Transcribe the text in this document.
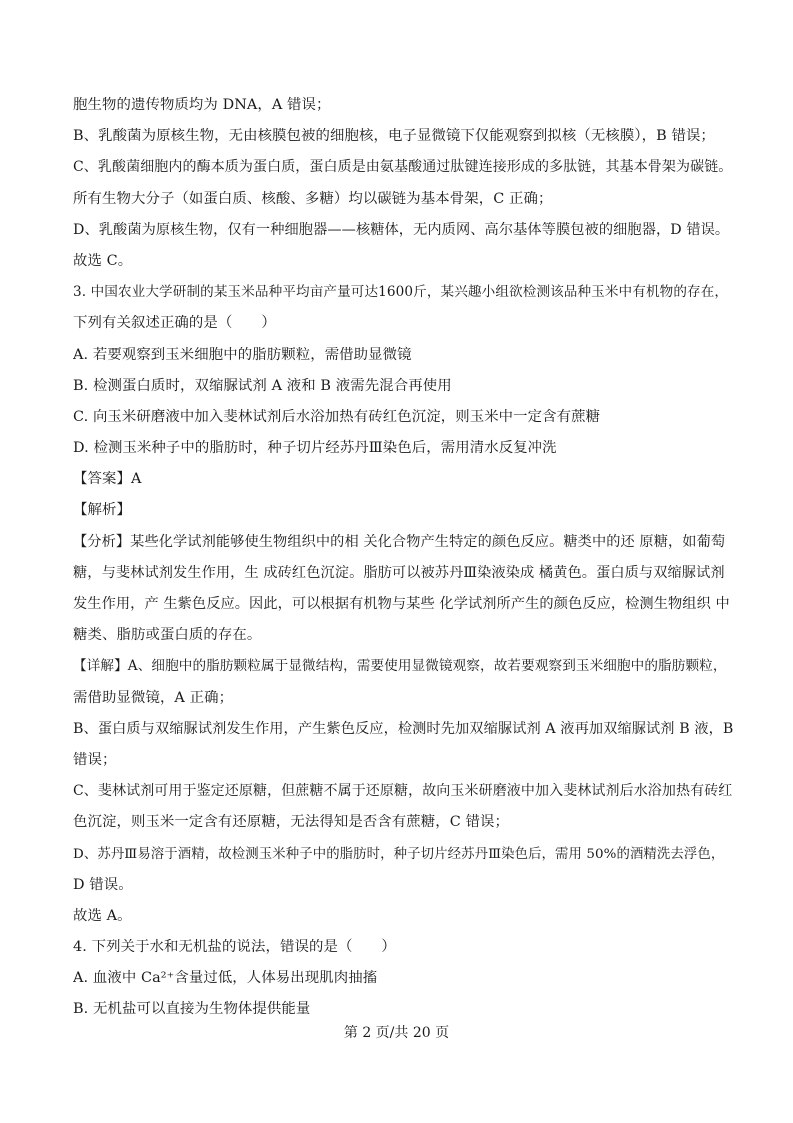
胞生物的遗传物质均为 DNA，A 错误；
B、乳酸菌为原核生物，无由核膜包被的细胞核，电子显微镜下仅能观察到拟核（无核膜），B 错误；
C、乳酸菌细胞内的酶本质为蛋白质，蛋白质是由氨基酸通过肽键连接形成的多肽链，其基本骨架为碳链。
所有生物大分子（如蛋白质、核酸、多糖）均以碳链为基本骨架，C 正确；
D、乳酸菌为原核生物，仅有一种细胞器——核糖体，无内质网、高尔基体等膜包被的细胞器，D 错误。
故选 C。
3. 中国农业大学研制的某玉米品种平均亩产量可达1600斤，某兴趣小组欲检测该品种玉米中有机物的存在，
下列有关叙述正确的是（　　）
A. 若要观察到玉米细胞中的脂肪颗粒，需借助显微镜
B. 检测蛋白质时，双缩脲试剂 A 液和 B 液需先混合再使用
C. 向玉米研磨液中加入斐林试剂后水浴加热有砖红色沉淀，则玉米中一定含有蔗糖
D. 检测玉米种子中的脂肪时，种子切片经苏丹Ⅲ染色后，需用清水反复冲洗
【答案】A
【解析】
【分析】某些化学试剂能够使生物组织中的相 关化合物产生特定的颜色反应。糖类中的还 原糖，如葡萄
糖，与斐林试剂发生作用，生 成砖红色沉淀。脂肪可以被苏丹Ⅲ染液染成 橘黄色。蛋白质与双缩脲试剂
发生作用，产 生紫色反应。因此，可以根据有机物与某些 化学试剂所产生的颜色反应，检测生物组织 中
糖类、脂肪或蛋白质的存在。
【详解】A、细胞中的脂肪颗粒属于显微结构，需要使用显微镜观察，故若要观察到玉米细胞中的脂肪颗粒，
需借助显微镜，A 正确；
B、蛋白质与双缩脲试剂发生作用，产生紫色反应，检测时先加双缩脲试剂 A 液再加双缩脲试剂 B 液，B
错误；
C、斐林试剂可用于鉴定还原糖，但蔗糖不属于还原糖，故向玉米研磨液中加入斐林试剂后水浴加热有砖红
色沉淀，则玉米一定含有还原糖，无法得知是否含有蔗糖，C 错误；
D、苏丹Ⅲ易溶于酒精，故检测玉米种子中的脂肪时，种子切片经苏丹Ⅲ染色后，需用 50%的酒精洗去浮色，
D 错误。
故选 A。
4. 下列关于水和无机盐的说法，错误的是（　　）
A. 血液中 Ca²⁺含量过低，人体易出现肌肉抽搐
B. 无机盐可以直接为生物体提供能量
第 2 页/共 20 页
